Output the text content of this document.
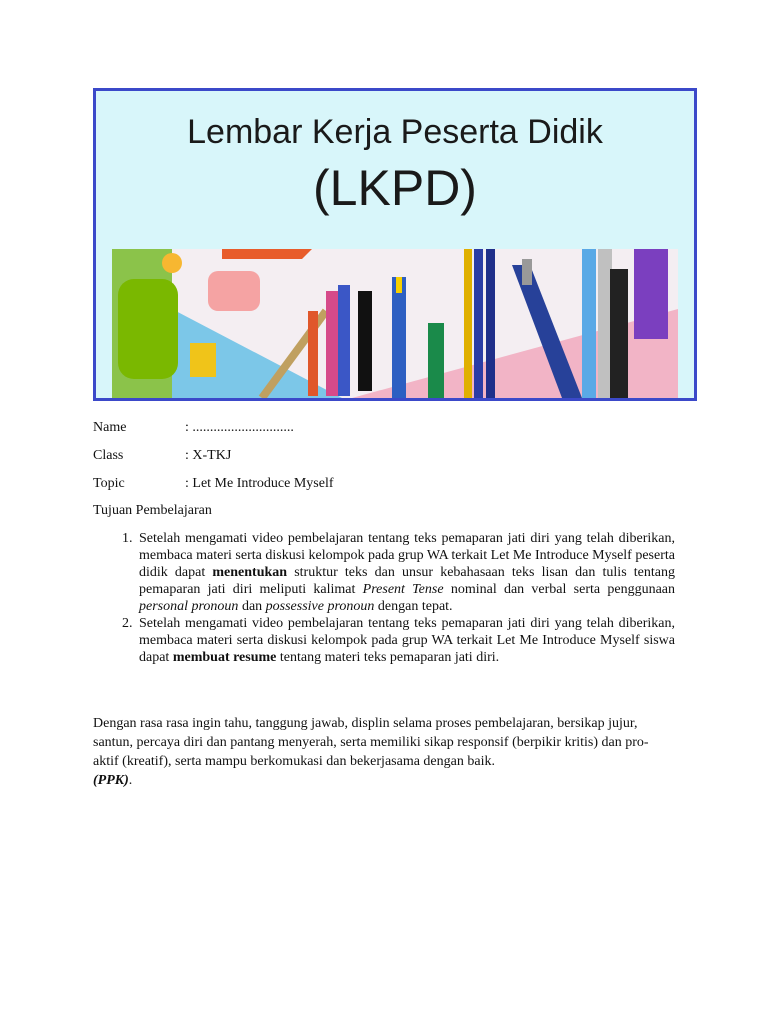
Lembar Kerja Peserta Didik
(LKPD)
Name	: .............................
Class	: X-TKJ
Topic	: Let Me Introduce Myself
Tujuan Pembelajaran
1. Setelah mengamati video pembelajaran tentang teks pemaparan jati diri yang telah diberikan, membaca materi serta diskusi kelompok pada grup WA terkait Let Me Introduce Myself peserta didik dapat menentukan struktur teks dan unsur kebahasaan teks lisan dan tulis tentang pemaparan jati diri meliputi kalimat Present Tense nominal dan verbal serta penggunaan personal pronoun dan possessive pronoun dengan tepat.
2. Setelah mengamati video pembelajaran tentang teks pemaparan jati diri yang telah diberikan, membaca materi serta diskusi kelompok pada grup WA terkait Let Me Introduce Myself siswa dapat membuat resume tentang materi teks pemaparan jati diri.
Dengan rasa rasa ingin tahu, tanggung jawab, displin selama proses pembelajaran, bersikap jujur, santun, percaya diri dan pantang menyerah, serta memiliki sikap responsif (berpikir kritis) dan pro-aktif (kreatif), serta mampu berkomukasi dan bekerjasama dengan baik.
(PPK).
